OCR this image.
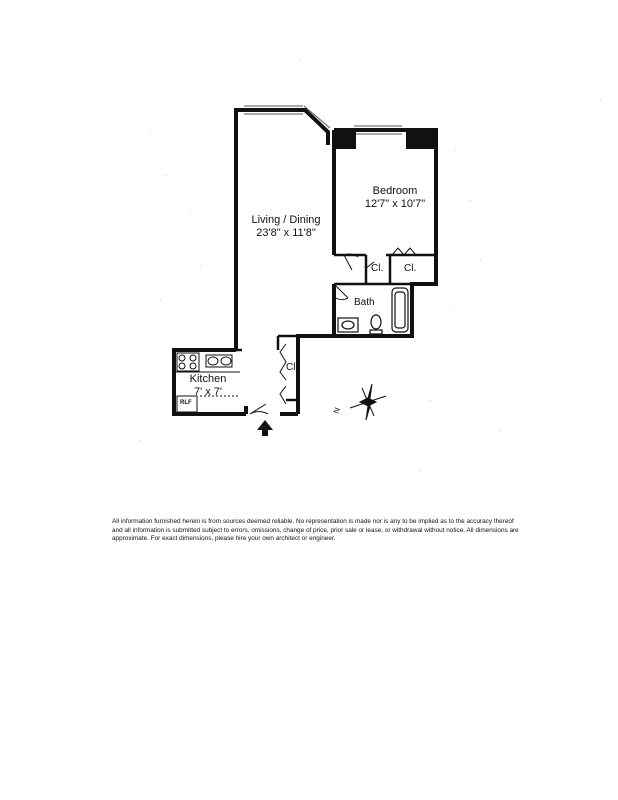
Living / Dining
23'8" x 11'8"
Bedroom
12'7" x 10'7"
Kitchen
7' x 7'
Bath
Cl. Cl.
Cl.
RLF
N
All information furnished herein is from sources deemed reliable. No representation is made nor is any to be implied as to the accuracy thereof and all information is submitted subject to errors, omissions, change of price, prior sale or lease, or withdrawal without notice. All dimensions are approximate. For exact dimensions, please hire your own architect or engineer.
